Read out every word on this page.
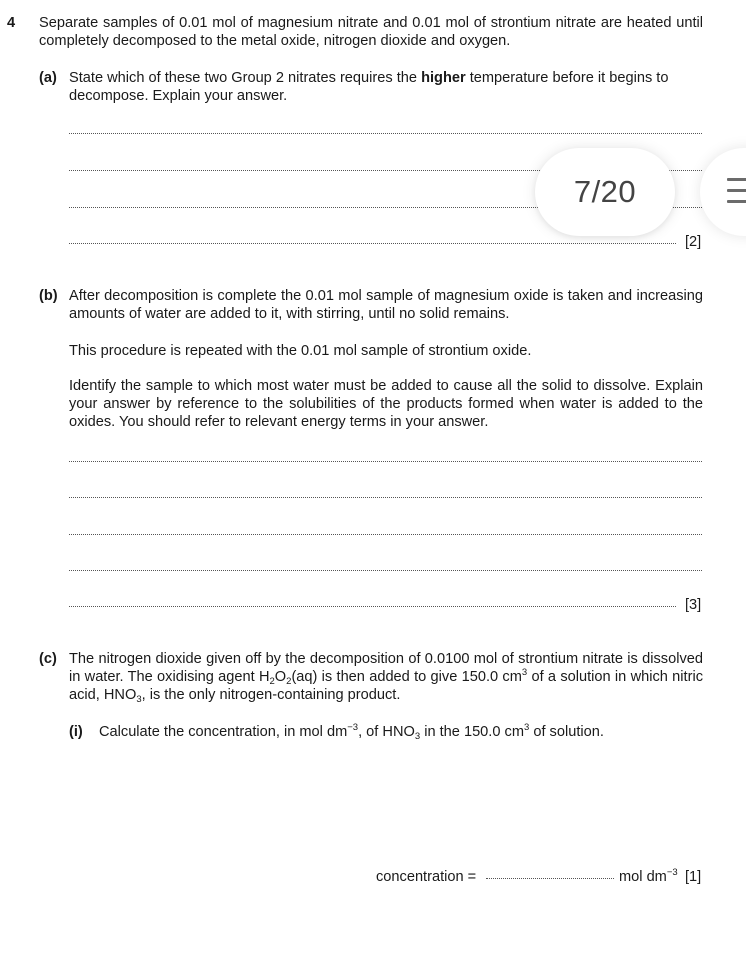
4 Separate samples of 0.01 mol of magnesium nitrate and 0.01 mol of strontium nitrate are heated until completely decomposed to the metal oxide, nitrogen dioxide and oxygen.
(a) State which of these two Group 2 nitrates requires the higher temperature before it begins to decompose. Explain your answer.
[2]
(b) After decomposition is complete the 0.01 mol sample of magnesium oxide is taken and increasing amounts of water are added to it, with stirring, until no solid remains.
This procedure is repeated with the 0.01 mol sample of strontium oxide.
Identify the sample to which most water must be added to cause all the solid to dissolve. Explain your answer by reference to the solubilities of the products formed when water is added to the oxides. You should refer to relevant energy terms in your answer.
[3]
(c) The nitrogen dioxide given off by the decomposition of 0.0100 mol of strontium nitrate is dissolved in water. The oxidising agent $H_2O_2(aq)$ is then added to give 150.0 $cm^3$ of a solution in which nitric acid, $HNO_3$, is the only nitrogen-containing product.
(i) Calculate the concentration, in mol $dm^{-3}$, of $HNO_3$ in the 150.0 $cm^3$ of solution.
concentration =	mol $dm^{-3}$ [1]
7/20
